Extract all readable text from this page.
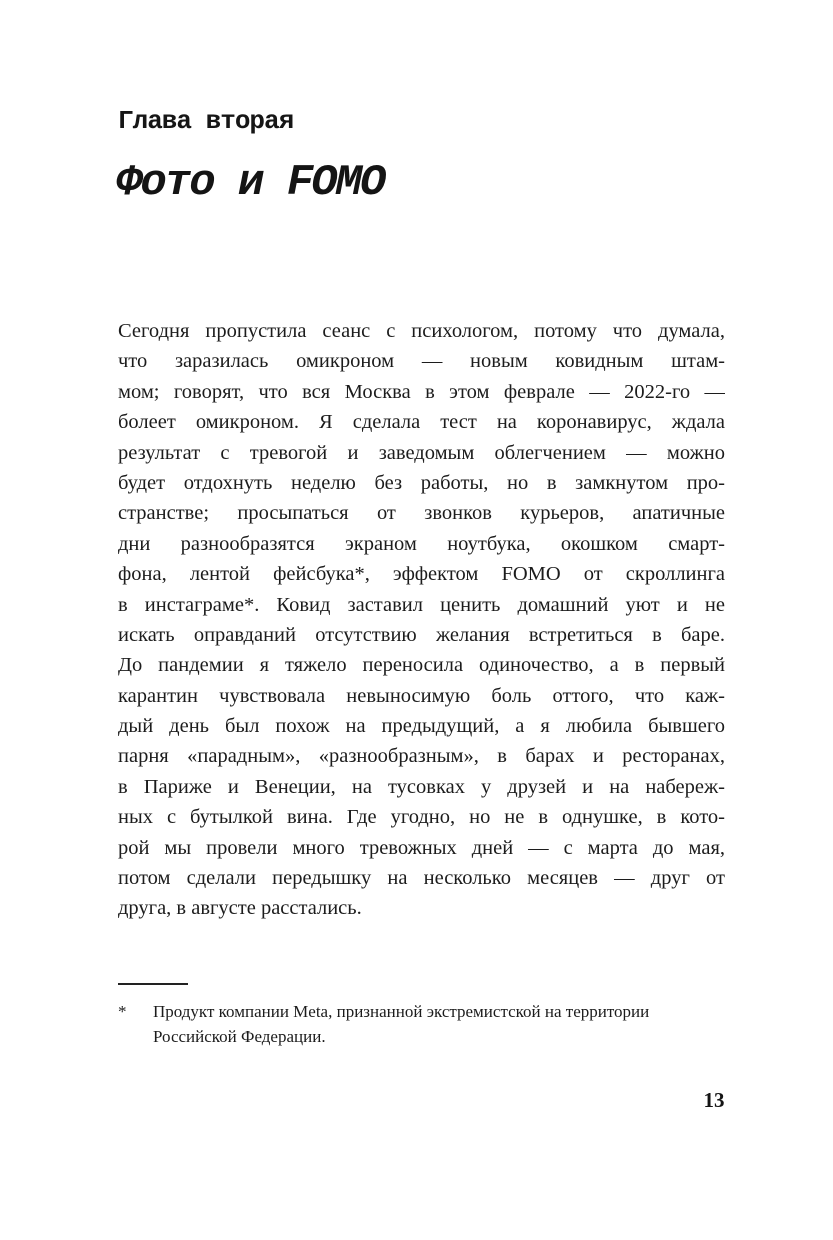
Глава вторая
Фото и FOMO
Сегодня пропустила сеанс с психологом, потому что думала,
что заразилась омикроном — новым ковидным штам-
мом; говорят, что вся Москва в этом феврале — 2022-го —
болеет омикроном. Я сделала тест на коронавирус, ждала
результат с тревогой и заведомым облегчением — можно
будет отдохнуть неделю без работы, но в замкнутом про-
странстве; просыпаться от звонков курьеров, апатичные
дни разнообразятся экраном ноутбука, окошком смарт-
фона, лентой фейсбука*, эффектом FOMO от скроллинга
в инстаграме*. Ковид заставил ценить домашний уют и не
искать оправданий отсутствию желания встретиться в баре.
До пандемии я тяжело переносила одиночество, а в первый
карантин чувствовала невыносимую боль оттого, что каж-
дый день был похож на предыдущий, а я любила бывшего
парня «парадным», «разнообразным», в барах и ресторанах,
в Париже и Венеции, на тусовках у друзей и на набереж-
ных с бутылкой вина. Где угодно, но не в однушке, в кото-
рой мы провели много тревожных дней — с марта до мая,
потом сделали передышку на несколько месяцев — друг от
друга, в августе расстались.
*	Продукт компании Meta, признанной экстремистской на территории
Российской Федерации.
13
